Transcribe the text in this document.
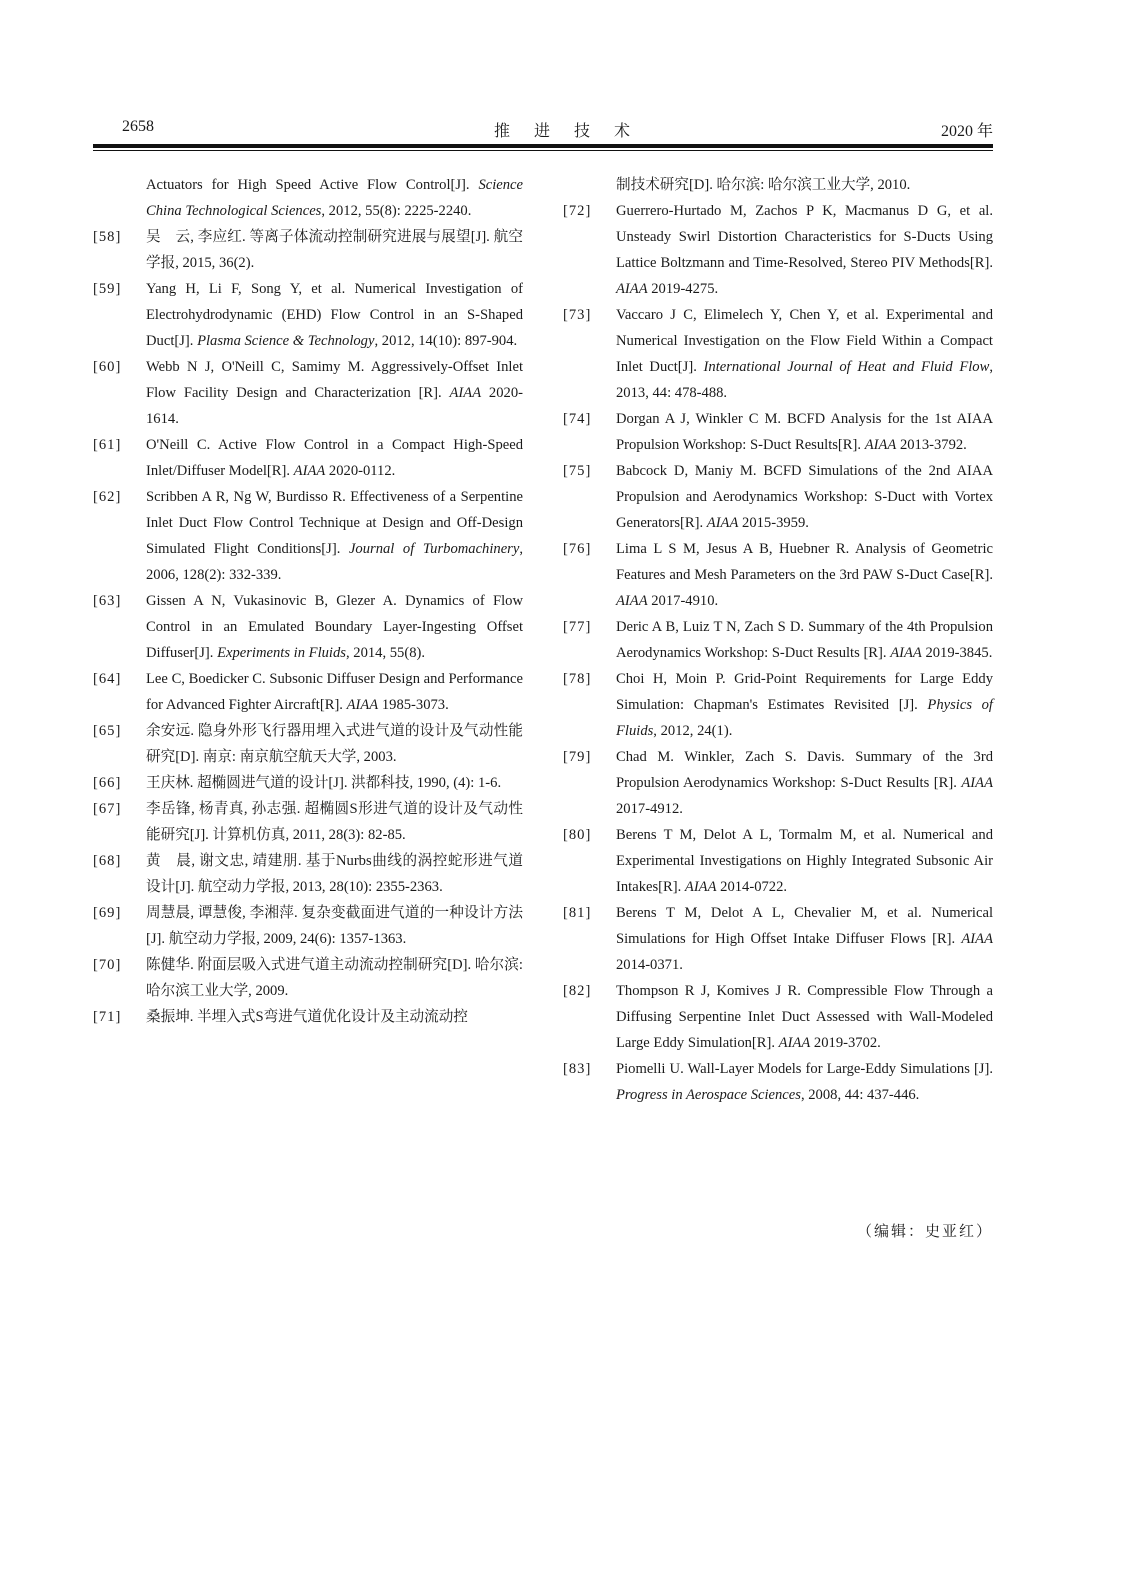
2658	推 进 技 术	2020 年
Actuators for High Speed Active Flow Control[J]. Science China Technological Sciences, 2012, 55(8): 2225-2240.
[58] 吴　云, 李应红. 等离子体流动控制研究进展与展望[J]. 航空学报, 2015, 36(2).
[59] Yang H, Li F, Song Y, et al. Numerical Investigation of Electrohydrodynamic (EHD) Flow Control in an S-Shaped Duct[J]. Plasma Science & Technology, 2012, 14(10): 897-904.
[60] Webb N J, O'Neill C, Samimy M. Aggressively-Offset Inlet Flow Facility Design and Characterization [R]. AIAA 2020-1614.
[61] O'Neill C. Active Flow Control in a Compact High-Speed Inlet/Diffuser Model[R]. AIAA 2020-0112.
[62] Scribben A R, Ng W, Burdisso R. Effectiveness of a Serpentine Inlet Duct Flow Control Technique at Design and Off-Design Simulated Flight Conditions[J]. Journal of Turbomachinery, 2006, 128(2): 332-339.
[63] Gissen A N, Vukasinovic B, Glezer A. Dynamics of Flow Control in an Emulated Boundary Layer-Ingesting Offset Diffuser[J]. Experiments in Fluids, 2014, 55(8).
[64] Lee C, Boedicker C. Subsonic Diffuser Design and Performance for Advanced Fighter Aircraft[R]. AIAA 1985-3073.
[65] 余安远. 隐身外形飞行器用埋入式进气道的设计及气动性能研究[D]. 南京: 南京航空航天大学, 2003.
[66] 王庆林. 超椭圆进气道的设计[J]. 洪都科技, 1990, (4): 1-6.
[67] 李岳锋, 杨青真, 孙志强. 超椭圆S形进气道的设计及气动性能研究[J]. 计算机仿真, 2011, 28(3): 82-85.
[68] 黄　晨, 谢文忠, 靖建朋. 基于Nurbs曲线的涡控蛇形进气道设计[J]. 航空动力学报, 2013, 28(10): 2355-2363.
[69] 周慧晨, 谭慧俊, 李湘萍. 复杂变截面进气道的一种设计方法[J]. 航空动力学报, 2009, 24(6): 1357-1363.
[70] 陈健华. 附面层吸入式进气道主动流动控制研究[D]. 哈尔滨: 哈尔滨工业大学, 2009.
[71] 桑振坤. 半埋入式S弯进气道优化设计及主动流动控
制技术研究[D]. 哈尔滨: 哈尔滨工业大学, 2010.
[72] Guerrero-Hurtado M, Zachos P K, Macmanus D G, et al. Unsteady Swirl Distortion Characteristics for S-Ducts Using Lattice Boltzmann and Time-Resolved, Stereo PIV Methods[R]. AIAA 2019-4275.
[73] Vaccaro J C, Elimelech Y, Chen Y, et al. Experimental and Numerical Investigation on the Flow Field Within a Compact Inlet Duct[J]. International Journal of Heat and Fluid Flow, 2013, 44: 478-488.
[74] Dorgan A J, Winkler C M. BCFD Analysis for the 1st AIAA Propulsion Workshop: S-Duct Results[R]. AIAA 2013-3792.
[75] Babcock D, Maniy M. BCFD Simulations of the 2nd AIAA Propulsion and Aerodynamics Workshop: S-Duct with Vortex Generators[R]. AIAA 2015-3959.
[76] Lima L S M, Jesus A B, Huebner R. Analysis of Geometric Features and Mesh Parameters on the 3rd PAW S-Duct Case[R]. AIAA 2017-4910.
[77] Deric A B, Luiz T N, Zach S D. Summary of the 4th Propulsion Aerodynamics Workshop: S-Duct Results [R]. AIAA 2019-3845.
[78] Choi H, Moin P. Grid-Point Requirements for Large Eddy Simulation: Chapman's Estimates Revisited [J]. Physics of Fluids, 2012, 24(1).
[79] Chad M. Winkler, Zach S. Davis. Summary of the 3rd Propulsion Aerodynamics Workshop: S-Duct Results [R]. AIAA 2017-4912.
[80] Berens T M, Delot A L, Tormalm M, et al. Numerical and Experimental Investigations on Highly Integrated Subsonic Air Intakes[R]. AIAA 2014-0722.
[81] Berens T M, Delot A L, Chevalier M, et al. Numerical Simulations for High Offset Intake Diffuser Flows [R]. AIAA 2014-0371.
[82] Thompson R J, Komives J R. Compressible Flow Through a Diffusing Serpentine Inlet Duct Assessed with Wall-Modeled Large Eddy Simulation[R]. AIAA 2019-3702.
[83] Piomelli U. Wall-Layer Models for Large-Eddy Simulations [J]. Progress in Aerospace Sciences, 2008, 44: 437-446.
（编辑：史亚红）
